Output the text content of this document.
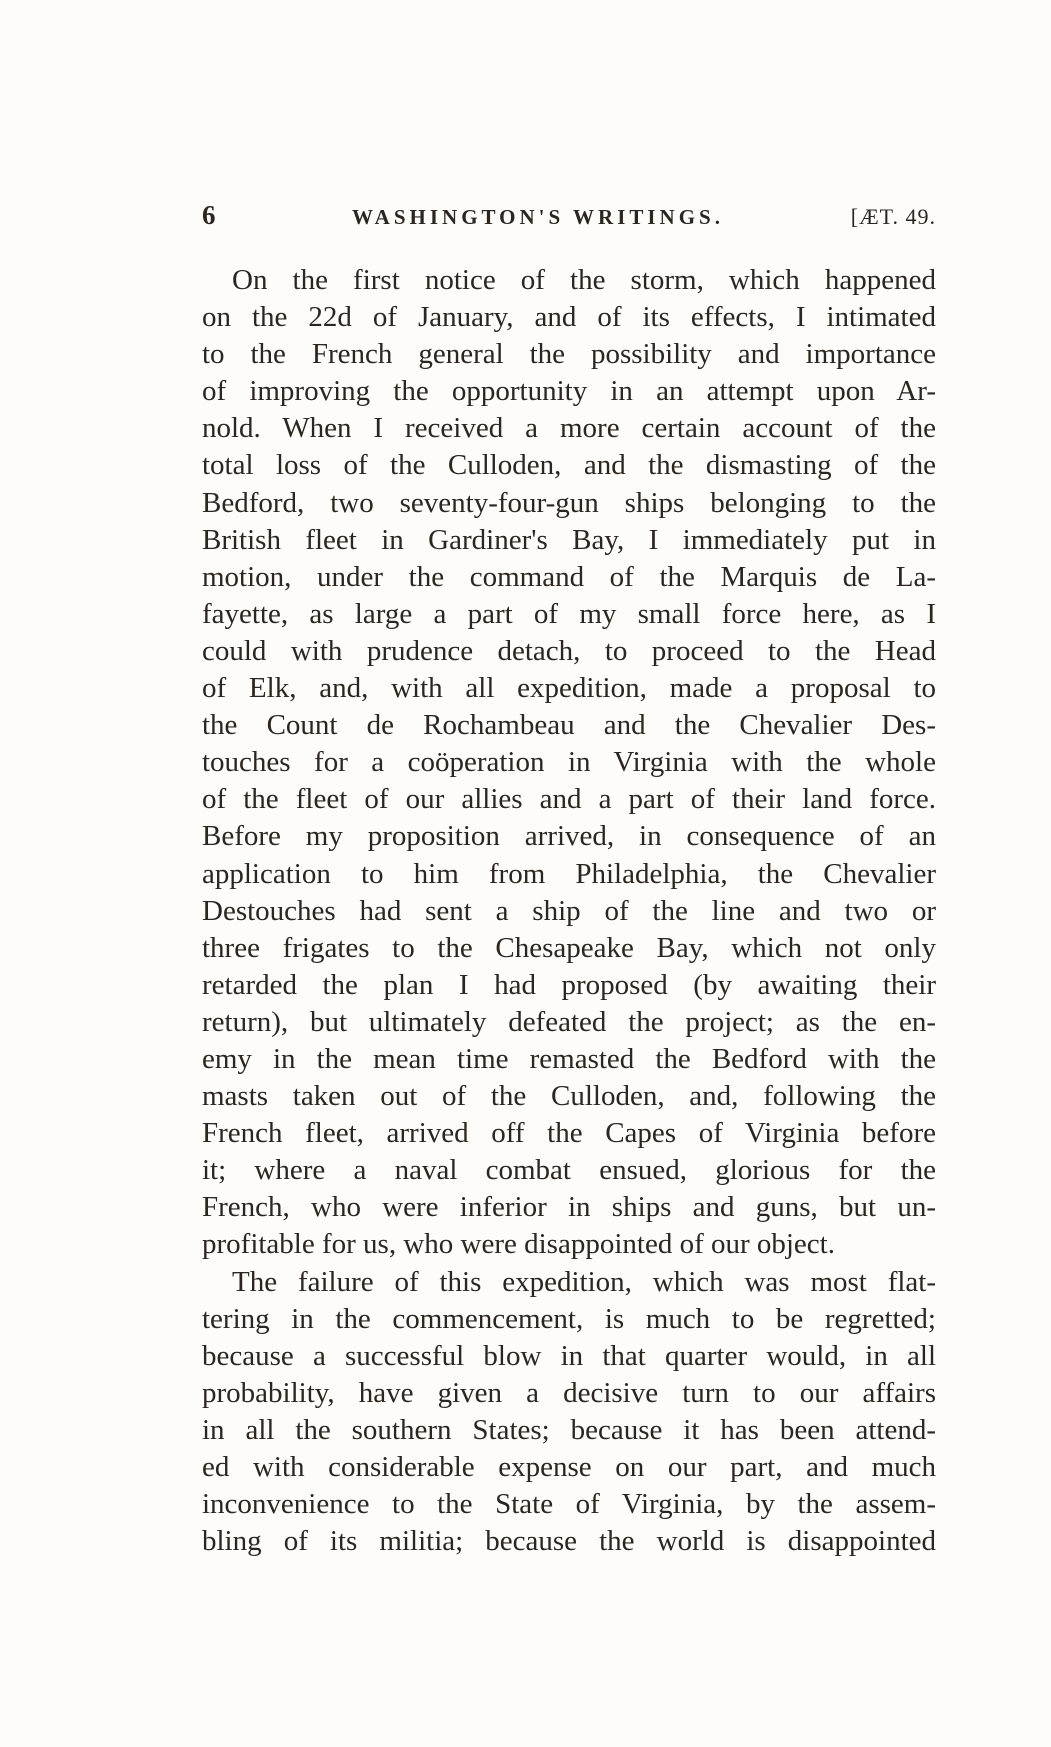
6	WASHINGTON'S WRITINGS.	[ÆT. 49.

On the first notice of the storm, which happened

on the 22d of January, and of its effects, I intimated

to the French general the possibility and importance

of improving the opportunity in an attempt upon Ar-

nold. When I received a more certain account of the

total loss of the Culloden, and the dismasting of the

Bedford, two seventy-four-gun ships belonging to the

British fleet in Gardiner's Bay, I immediately put in

motion, under the command of the Marquis de La-

fayette, as large a part of my small force here, as I

could with prudence detach, to proceed to the Head

of Elk, and, with all expedition, made a proposal to

the Count de Rochambeau and the Chevalier Des-

touches for a coöperation in Virginia with the whole

of the fleet of our allies and a part of their land force.

Before my proposition arrived, in consequence of an

application to him from Philadelphia, the Chevalier

Destouches had sent a ship of the line and two or

three frigates to the Chesapeake Bay, which not only

retarded the plan I had proposed (by awaiting their

return), but ultimately defeated the project; as the en-

emy in the mean time remasted the Bedford with the

masts taken out of the Culloden, and, following the

French fleet, arrived off the Capes of Virginia before

it; where a naval combat ensued, glorious for the

French, who were inferior in ships and guns, but un-

profitable for us, who were disappointed of our object.

The failure of this expedition, which was most flat-

tering in the commencement, is much to be regretted;

because a successful blow in that quarter would, in all

probability, have given a decisive turn to our affairs

in all the southern States; because it has been attend-

ed with considerable expense on our part, and much

inconvenience to the State of Virginia, by the assem-

bling of its militia; because the world is disappointed
